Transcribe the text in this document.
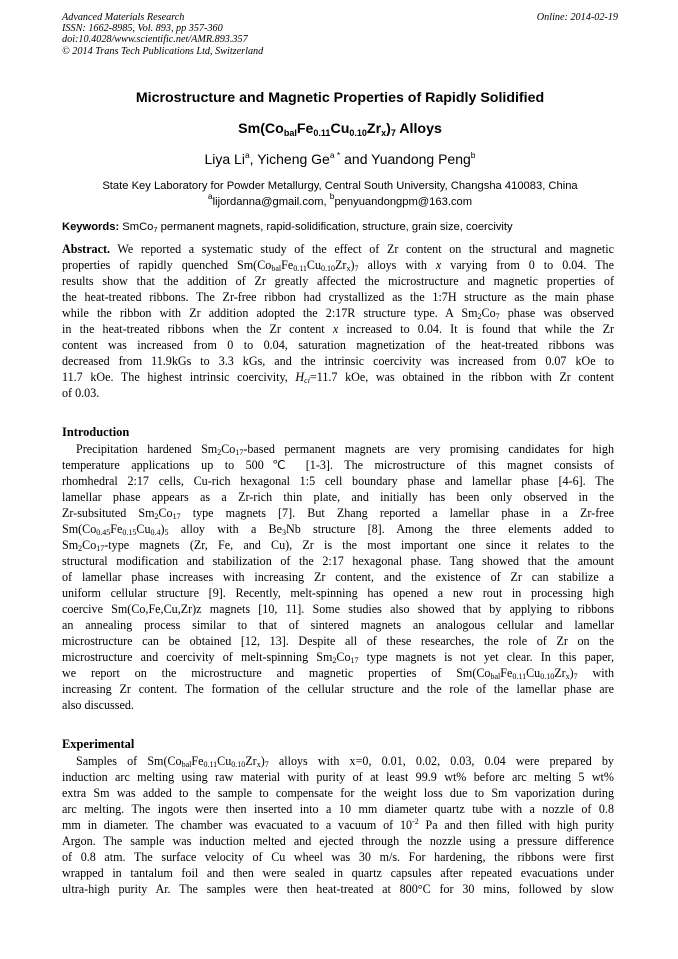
Advanced Materials Research
ISSN: 1662-8985, Vol. 893, pp 357-360
doi:10.4028/www.scientific.net/AMR.893.357
© 2014 Trans Tech Publications Ltd, Switzerland
Online: 2014-02-19
Microstructure and Magnetic Properties of Rapidly Solidified
$Sm(Co_{bal}Fe_{0.11}Cu_{0.10}Zr_x)_7$ Alloys
Liya Li$^a$, Yicheng $Ge^{a *}$ and Yuandong Peng$^b$
State Key Laboratory for Powder Metallurgy, Central South University, Changsha 410083, China
$^a$lijordanna@gmail.com, $^b$penyuandongpm@163.com
Keywords: SmCo$_7$ permanent magnets, rapid-solidification, structure, grain size, coercivity
Abstract. We reported a systematic study of the effect of Zr content on the structural and magnetic
properties of rapidly quenched $Sm(Co_{bal}Fe_{0.11}Cu_{0.10}Zr_x)_7$ alloys with x varying from 0 to 0.04. The
results show that the addition of Zr greatly affected the microstructure and magnetic properties of
the heat-treated ribbons. The Zr-free ribbon had crystallized as the 1:7H structure as the main phase
while the ribbon with Zr addition adopted the 2:17R structure type. A $Sm_2Co_7$ phase was observed
in the heat-treated ribbons when the Zr content x increased to 0.04. It is found that while the Zr
content was increased from 0 to 0.04, saturation magnetization of the heat-treated ribbons was
decreased from 11.9kGs to 3.3 kGs, and the intrinsic coercivity was increased from 0.07 kOe to
11.7 kOe. The highest intrinsic coercivity, $H_{ci}=11.7$ kOe, was obtained in the ribbon with Zr content
of 0.03.
Introduction
Precipitation hardened $Sm_2Co_{17}$-based permanent magnets are very promising candidates for high
temperature applications up to 500℃ [1-3]. The microstructure of this magnet consists of
rhomhedral 2:17 cells, Cu-rich hexagonal 1:5 cell boundary phase and lamellar phase [4-6]. The
lamellar phase appears as a Zr-rich thin plate, and initially has been only observed in the
Zr-subsituted $Sm_2Co_{17}$ type magnets [7]. But Zhang reported a lamellar phase in a Zr-free
$Sm(Co_{0.45}Fe_{0.15}Cu_{0.4})_5$ alloy with a $Be_3Nb$ structure [8]. Among the three elements added to
$Sm_2Co_{17}$-type magnets (Zr, Fe, and Cu), Zr is the most important one since it relates to the
structural modification and stabilization of the 2:17 hexagonal phase. Tang showed that the amount
of lamellar phase increases with increasing Zr content, and the existence of Zr can stabilize a
uniform cellular structure [9]. Recently, melt-spinning has opened a new rout in processing high
coercive Sm(Co,Fe,Cu,Zr)z magnets [10, 11]. Some studies also showed that by applying to ribbons
an annealing process similar to that of sintered magnets an analogous cellular and lamellar
microstructure can be obtained [12, 13]. Despite all of these researches, the role of Zr on the
microstructure and coercivity of melt-spinning $Sm_2Co_{17}$ type magnets is not yet clear. In this paper,
we report on the microstructure and magnetic properties of $Sm(Co_{bal}Fe_{0.11}Cu_{0.10}Zr_x)_7$ with
increasing Zr content. The formation of the cellular structure and the role of the lamellar phase are
also discussed.
Experimental
Samples of $Sm(Co_{bal}Fe_{0.11}Cu_{0.10}Zr_x)_7$ alloys with x=0, 0.01, 0.02, 0.03, 0.04 were prepared by
induction arc melting using raw material with purity of at least 99.9 wt% before arc melting 5 wt%
extra Sm was added to the sample to compensate for the weight loss due to Sm vaporization during
arc melting. The ingots were then inserted into a 10 mm diameter quartz tube with a nozzle of 0.8
mm in diameter. The chamber was evacuated to a vacuum of $10^{-2}$ Pa and then filled with high purity
Argon. The sample was induction melted and ejected through the nozzle using a pressure difference
of 0.8 atm. The surface velocity of Cu wheel was 30 m/s. For hardening, the ribbons were first
wrapped in tantalum foil and then were sealed in quartz capsules after repeated evacuations under
ultra-high purity Ar. The samples were then heat-treated at 800°C for 30 mins, followed by slow
